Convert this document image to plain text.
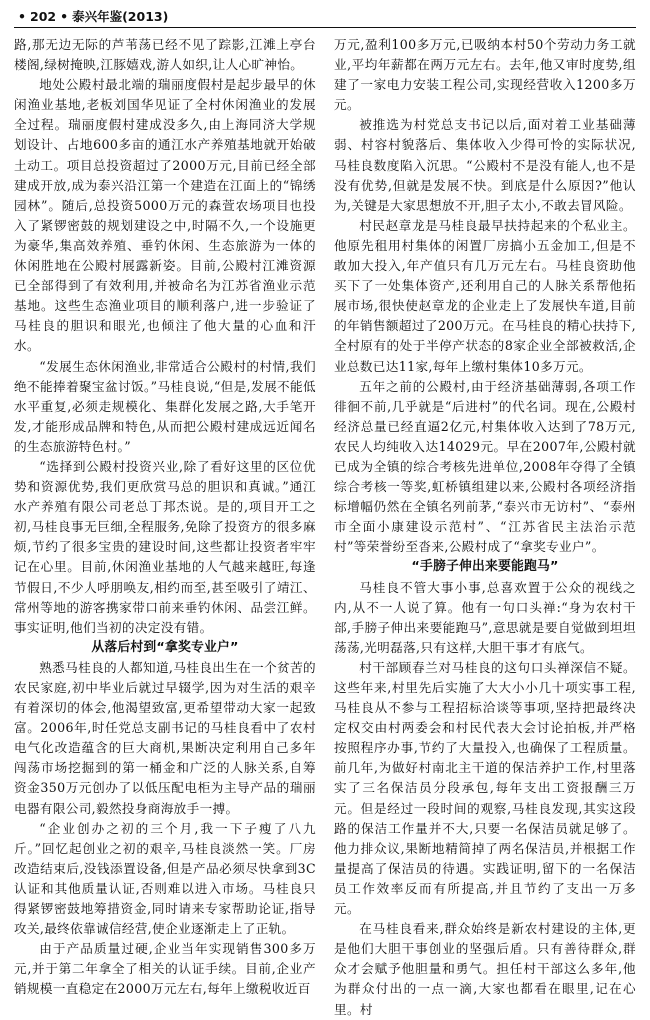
• 202 • 泰兴年鉴(2013)

路,那无边无际的芦苇荡已经不见了踪影,江滩上亭台楼阁,绿树掩映,江豚嬉戏,游人如织,让人心旷神怡。

地处公殿村最北端的瑞丽度假村是起步最早的休闲渔业基地,老板刘国华见证了全村休闲渔业的发展全过程。瑞丽度假村建成没多久,由上海同济大学规划设计、占地600多亩的通江水产养殖基地就开始破土动工。项目总投资超过了2000万元,目前已经全部建成开放,成为泰兴沿江第一个建造在江面上的“锦绣园林”。随后,总投资5000万元的森萱农场项目也投入了紧锣密鼓的规划建设之中,时隔不久,一个设施更为豪华,集高效养殖、垂钓休闲、生态旅游为一体的休闲胜地在公殿村展露新姿。目前,公殿村江滩资源已全部得到了有效利用,并被命名为江苏省渔业示范基地。这些生态渔业项目的顺利落户,进一步验证了马桂良的胆识和眼光,也倾注了他大量的心血和汗水。

“发展生态休闲渔业,非常适合公殿村的村情,我们绝不能捧着聚宝盆讨饭。”马桂良说,“但是,发展不能低水平重复,必须走规模化、集群化发展之路,大手笔开发,才能形成品牌和特色,从而把公殿村建成远近闻名的生态旅游特色村。”

“选择到公殿村投资兴业,除了看好这里的区位优势和资源优势,我们更欣赏马总的胆识和真诚。”通江水产养殖有限公司老总丁邦杰说。是的,项目开工之初,马桂良事无巨细,全程服务,免除了投资方的很多麻烦,节约了很多宝贵的建设时间,这些都让投资者牢牢记在心里。目前,休闲渔业基地的人气越来越旺,每逢节假日,不少人呼朋唤友,相约而至,甚至吸引了靖江、常州等地的游客携家带口前来垂钓休闲、品尝江鲜。事实证明,他们当初的决定没有错。

从落后村到“拿奖专业户”

熟悉马桂良的人都知道,马桂良出生在一个贫苦的农民家庭,初中毕业后就过早辍学,因为对生活的艰辛有着深切的体会,他渴望致富,更希望带动大家一起致富。2006年,时任党总支副书记的马桂良看中了农村电气化改造蕴含的巨大商机,果断决定利用自己多年闯荡市场挖掘到的第一桶金和广泛的人脉关系,自筹资金350万元创办了以低压配电柜为主导产品的瑞丽电器有限公司,毅然投身商海放手一搏。

“企业创办之初的三个月,我一下子瘦了八九斤。”回忆起创业之初的艰辛,马桂良淡然一笑。厂房改造结束后,没钱添置设备,但是产品必须尽快拿到3C认证和其他质量认证,否则难以进入市场。马桂良只得紧锣密鼓地筹措资金,同时请来专家帮助论证,指导攻关,最终依靠诚信经营,使企业逐渐走上了正轨。

由于产品质量过硬,企业当年实现销售300多万元,并于第二年拿全了相关的认证手续。目前,企业产销规模一直稳定在2000万元左右,每年上缴税收近百

万元,盈利100多万元,已吸纳本村50个劳动力务工就业,平均年薪都在两万元左右。去年,他又审时度势,组建了一家电力安装工程公司,实现经营收入1200多万元。

被推选为村党总支书记以后,面对着工业基础薄弱、村容村貌落后、集体收入少得可怜的实际状况,马桂良数度陷入沉思。“公殿村不是没有能人,也不是没有优势,但就是发展不快。到底是什么原因?”他认为,关键是大家思想放不开,胆子太小,不敢去冒风险。

村民赵章龙是马桂良最早扶持起来的个私业主。他原先租用村集体的闲置厂房搞小五金加工,但是不敢加大投入,年产值只有几万元左右。马桂良资助他买下了一处集体资产,还利用自己的人脉关系帮他拓展市场,很快使赵章龙的企业走上了发展快车道,目前的年销售额超过了200万元。在马桂良的精心扶持下,全村原有的处于半停产状态的8家企业全部被救活,企业总数已达11家,每年上缴村集体10多万元。

五年之前的公殿村,由于经济基础薄弱,各项工作徘徊不前,几乎就是“后进村”的代名词。现在,公殿村经济总量已经直逼2亿元,村集体收入达到了78万元,农民人均纯收入达14029元。早在2007年,公殿村就已成为全镇的综合考核先进单位,2008年夺得了全镇综合考核一等奖,虹桥镇组建以来,公殿村各项经济指标增幅仍然在全镇名列前茅,“泰兴市无访村”、“泰州市全面小康建设示范村”、“江苏省民主法治示范村”等荣誉纷至沓来,公殿村成了“拿奖专业户”。

“手膀子伸出来要能跑马”

马桂良不管大事小事,总喜欢置于公众的视线之内,从不一人说了算。他有一句口头禅:“身为农村干部,手膀子伸出来要能跑马”,意思就是要自觉做到坦坦荡荡,光明磊落,只有这样,大胆干事才有底气。

村干部顾春兰对马桂良的这句口头禅深信不疑。这些年来,村里先后实施了大大小小几十项实事工程,马桂良从不参与工程招标洽谈等事项,坚持把最终决定权交由村两委会和村民代表大会讨论拍板,并严格按照程序办事,节约了大量投入,也确保了工程质量。前几年,为做好村南北主干道的保洁养护工作,村里落实了三名保洁员分段承包,每年支出工资报酬三万元。但是经过一段时间的观察,马桂良发现,其实这段路的保洁工作量并不大,只要一名保洁员就足够了。他力排众议,果断地精简掉了两名保洁员,并根据工作量提高了保洁员的待遇。实践证明,留下的一名保洁员工作效率反而有所提高,并且节约了支出一万多元。

在马桂良看来,群众始终是新农村建设的主体,更是他们大胆干事创业的坚强后盾。只有善待群众,群众才会赋予他胆量和勇气。担任村干部这么多年,他为群众付出的一点一滴,大家也都看在眼里,记在心里。村
